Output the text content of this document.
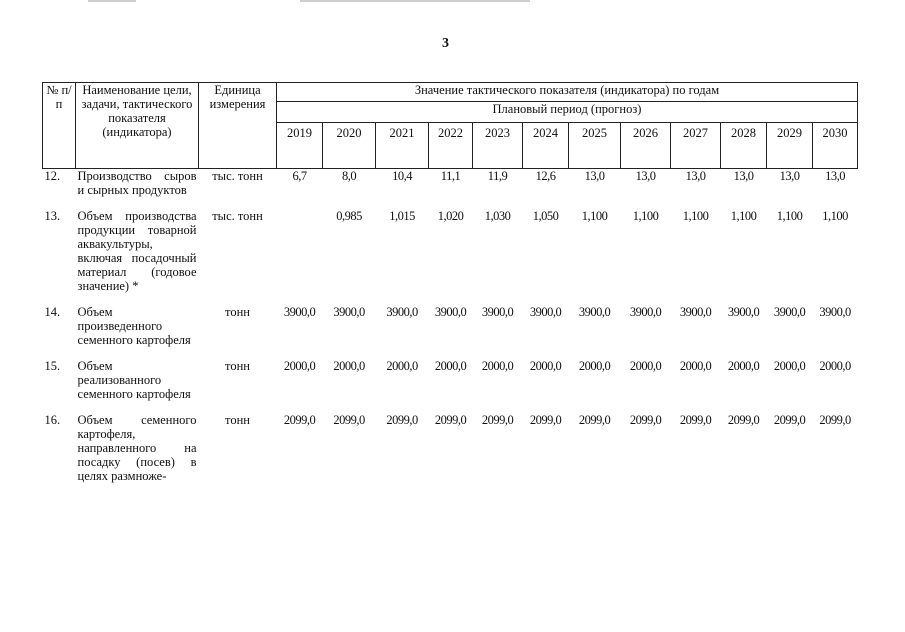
3
№ п/п	Наименование цели, задачи, тактического показателя (индикатора)	Единица измерения	Значение тактического показателя (индикатора) по годам											
			Плановый период (прогноз)											
			2019	2020	2021	2022	2023	2024	2025	2026	2027	2028	2029	2030
12.	Производство сыров и сырных продуктов	тыс. тонн	6,7	8,0	10,4	11,1	11,9	12,6	13,0	13,0	13,0	13,0	13,0	13,0
13.	Объем производства продукции товарной аквакультуры, включая посадочный материал (годовое значение) *	тыс. тонн		0,985	1,015	1,020	1,030	1,050	1,100	1,100	1,100	1,100	1,100	1,100
14.	Объем произведенного семенного картофеля	тонн	3900,0	3900,0	3900,0	3900,0	3900,0	3900,0	3900,0	3900,0	3900,0	3900,0	3900,0	3900,0
15.	Объем реализованного семенного картофеля	тонн	2000,0	2000,0	2000,0	2000,0	2000,0	2000,0	2000,0	2000,0	2000,0	2000,0	2000,0	2000,0
16.	Объем семенного картофеля, направленного на посадку (посев) в целях размноже-	тонн	2099,0	2099,0	2099,0	2099,0	2099,0	2099,0	2099,0	2099,0	2099,0	2099,0	2099,0	2099,0
